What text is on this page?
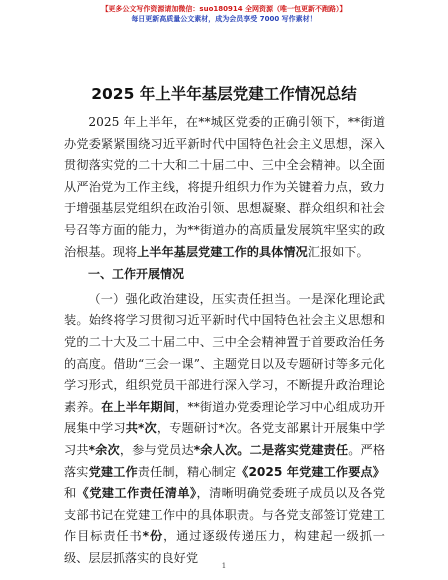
【更多公文写作资源请加微信：suo180914 全网资源（唯一包更新不跑路）】
每日更新高质量公文素材，成为会员享受 7000 写作素材！
2025 年上半年基层党建工作情况总结

2025 年上半年，在**城区党委的正确引领下，**街道办党委紧紧围绕习近平新时代中国特色社会主义思想，深入贯彻落实党的二十大和二十届二中、三中全会精神。以全面从严治党为工作主线，将提升组织力作为关键着力点，致力于增强基层党组织在政治引领、思想凝聚、群众组织和社会号召等方面的能力，为**街道办的高质量发展筑牢坚实的政治根基。现将上半年基层党建工作的具体情况汇报如下。

一、工作开展情况

（一）强化政治建设，压实责任担当。一是深化理论武装。始终将学习贯彻习近平新时代中国特色社会主义思想和党的二十大及二十届二中、三中全会精神置于首要政治任务的高度。借助“三会一课”、主题党日以及专题研讨等多元化学习形式，组织党员干部进行深入学习，不断提升政治理论素养。在上半年期间，**街道办党委理论学习中心组成功开展集中学习共*次，专题研讨*次。各党支部累计开展集中学习共*余次，参与党员达*余人次。二是落实党建责任。严格落实党建工作责任制，精心制定《2025 年党建工作要点》和《党建工作责任清单》，清晰明确党委班子成员以及各党支部书记在党建工作中的具体职责。与各党支部签订党建工作目标责任书*份，通过逐级传递压力，构建起一级抓一级、层层抓落实的良好党

1
